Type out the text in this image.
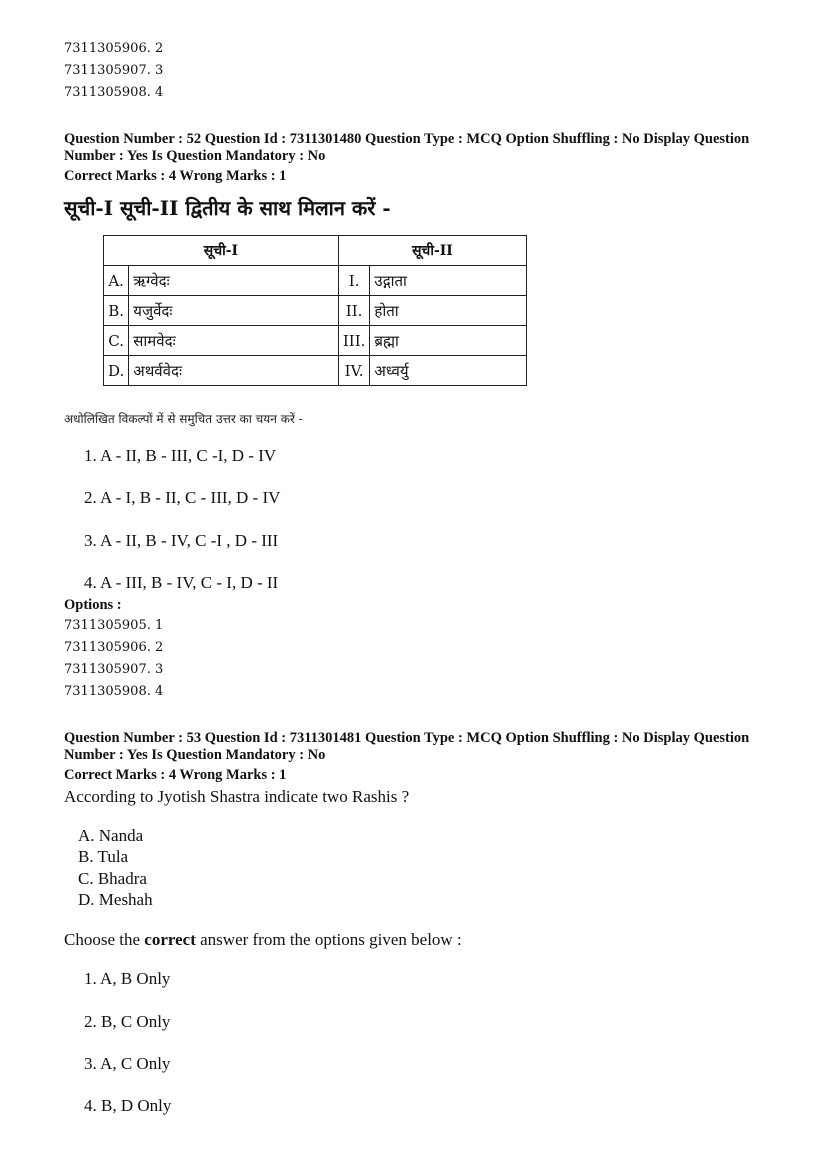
7311305906. 2
7311305907. 3
7311305908. 4
Question Number : 52 Question Id : 7311301480 Question Type : MCQ Option Shuffling : No Display Question
Number : Yes Is Question Mandatory : No
Correct Marks : 4 Wrong Marks : 1
सूची-I सूची-II द्वितीय के साथ मिलान करें -
सूची-I		सूची-II	
A.	ऋग्वेदः	I.	उद्गाता
B.	यजुर्वेदः	II.	होता
C.	सामवेदः	III.	ब्रह्मा
D.	अथर्ववेदः	IV.	अध्वर्यु
अधोलिखित विकल्पों में से समुचित उत्तर का चयन करें -
1. A - II, B - III, C -I, D - IV
2. A - I, B - II, C - III, D - IV
3. A - II, B - IV, C -I , D - III
4. A - III, B - IV, C - I, D - II
Options :
7311305905. 1
7311305906. 2
7311305907. 3
7311305908. 4
Question Number : 53 Question Id : 7311301481 Question Type : MCQ Option Shuffling : No Display Question
Number : Yes Is Question Mandatory : No
Correct Marks : 4 Wrong Marks : 1
According to Jyotish Shastra indicate two Rashis ?
A. Nanda
B. Tula
C. Bhadra
D. Meshah
Choose the correct answer from the options given below :
1. A, B Only
2. B, C Only
3. A, C Only
4. B, D Only
